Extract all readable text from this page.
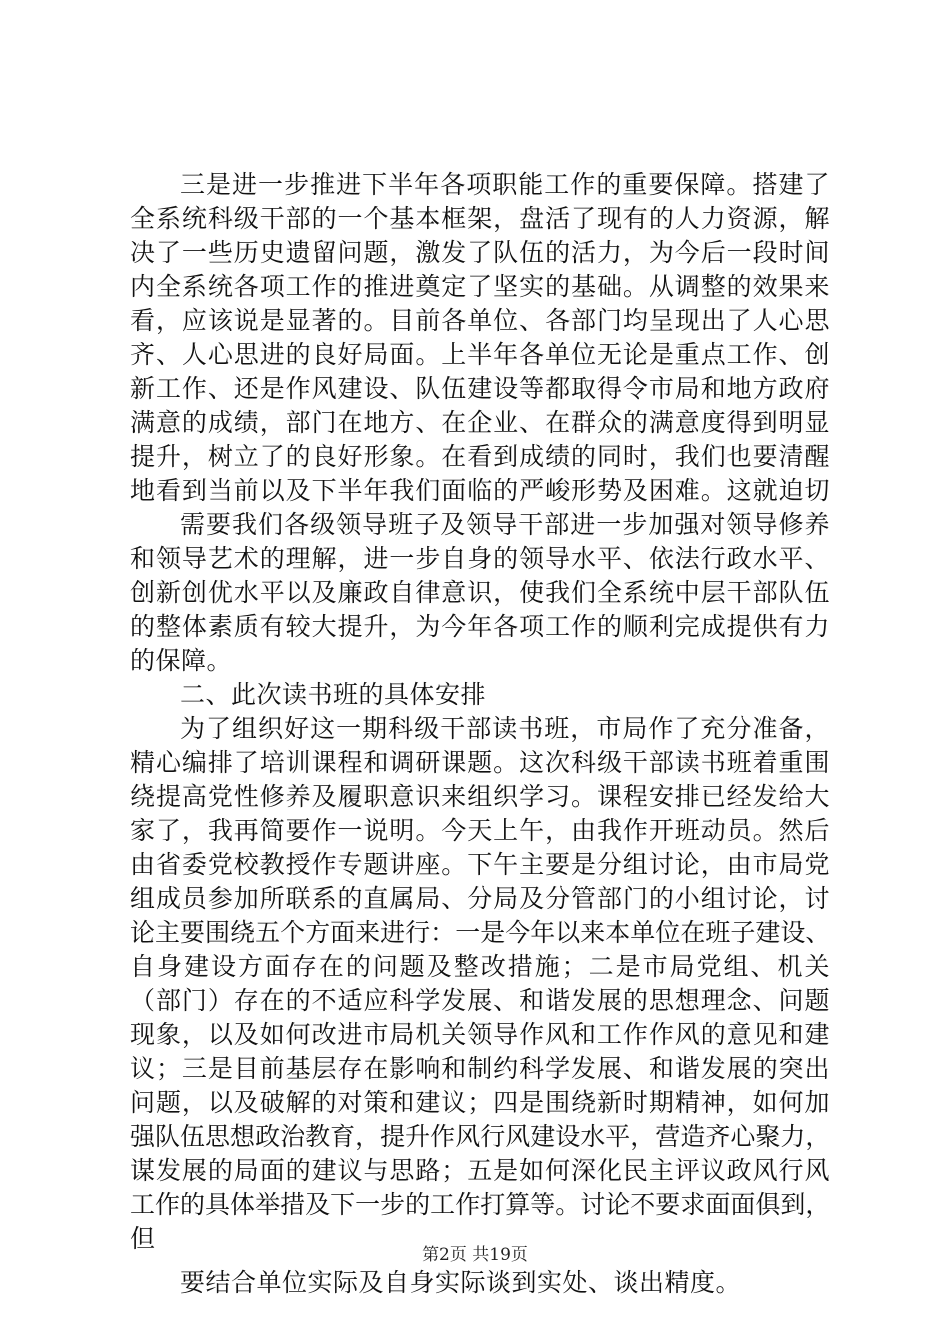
三是进一步推进下半年各项职能工作的重要保障。搭建了
全系统科级干部的一个基本框架，盘活了现有的人力资源，解
决了一些历史遗留问题，激发了队伍的活力，为今后一段时间
内全系统各项工作的推进奠定了坚实的基础。从调整的效果来
看，应该说是显著的。目前各单位、各部门均呈现出了人心思
齐、人心思进的良好局面。上半年各单位无论是重点工作、创
新工作、还是作风建设、队伍建设等都取得令市局和地方政府
满意的成绩，部门在地方、在企业、在群众的满意度得到明显
提升，树立了的良好形象。在看到成绩的同时，我们也要清醒
地看到当前以及下半年我们面临的严峻形势及困难。这就迫切
需要我们各级领导班子及领导干部进一步加强对领导修养
和领导艺术的理解，进一步自身的领导水平、依法行政水平、
创新创优水平以及廉政自律意识，使我们全系统中层干部队伍
的整体素质有较大提升，为今年各项工作的顺利完成提供有力
的保障。
二、此次读书班的具体安排
为了组织好这一期科级干部读书班，市局作了充分准备，
精心编排了培训课程和调研课题。这次科级干部读书班着重围
绕提高党性修养及履职意识来组织学习。课程安排已经发给大
家了，我再简要作一说明。今天上午，由我作开班动员。然后
由省委党校教授作专题讲座。下午主要是分组讨论，由市局党
组成员参加所联系的直属局、分局及分管部门的小组讨论，讨
论主要围绕五个方面来进行：一是今年以来本单位在班子建设、
自身建设方面存在的问题及整改措施；二是市局党组、机关
（部门）存在的不适应科学发展、和谐发展的思想理念、问题
现象，以及如何改进市局机关领导作风和工作作风的意见和建
议；三是目前基层存在影响和制约科学发展、和谐发展的突出
问题，以及破解的对策和建议；四是围绕新时期精神，如何加
强队伍思想政治教育，提升作风行风建设水平，营造齐心聚力，
谋发展的局面的建议与思路；五是如何深化民主评议政风行风
工作的具体举措及下一步的工作打算等。讨论不要求面面俱到，
但
要结合单位实际及自身实际谈到实处、谈出精度。
第2页 共19页
